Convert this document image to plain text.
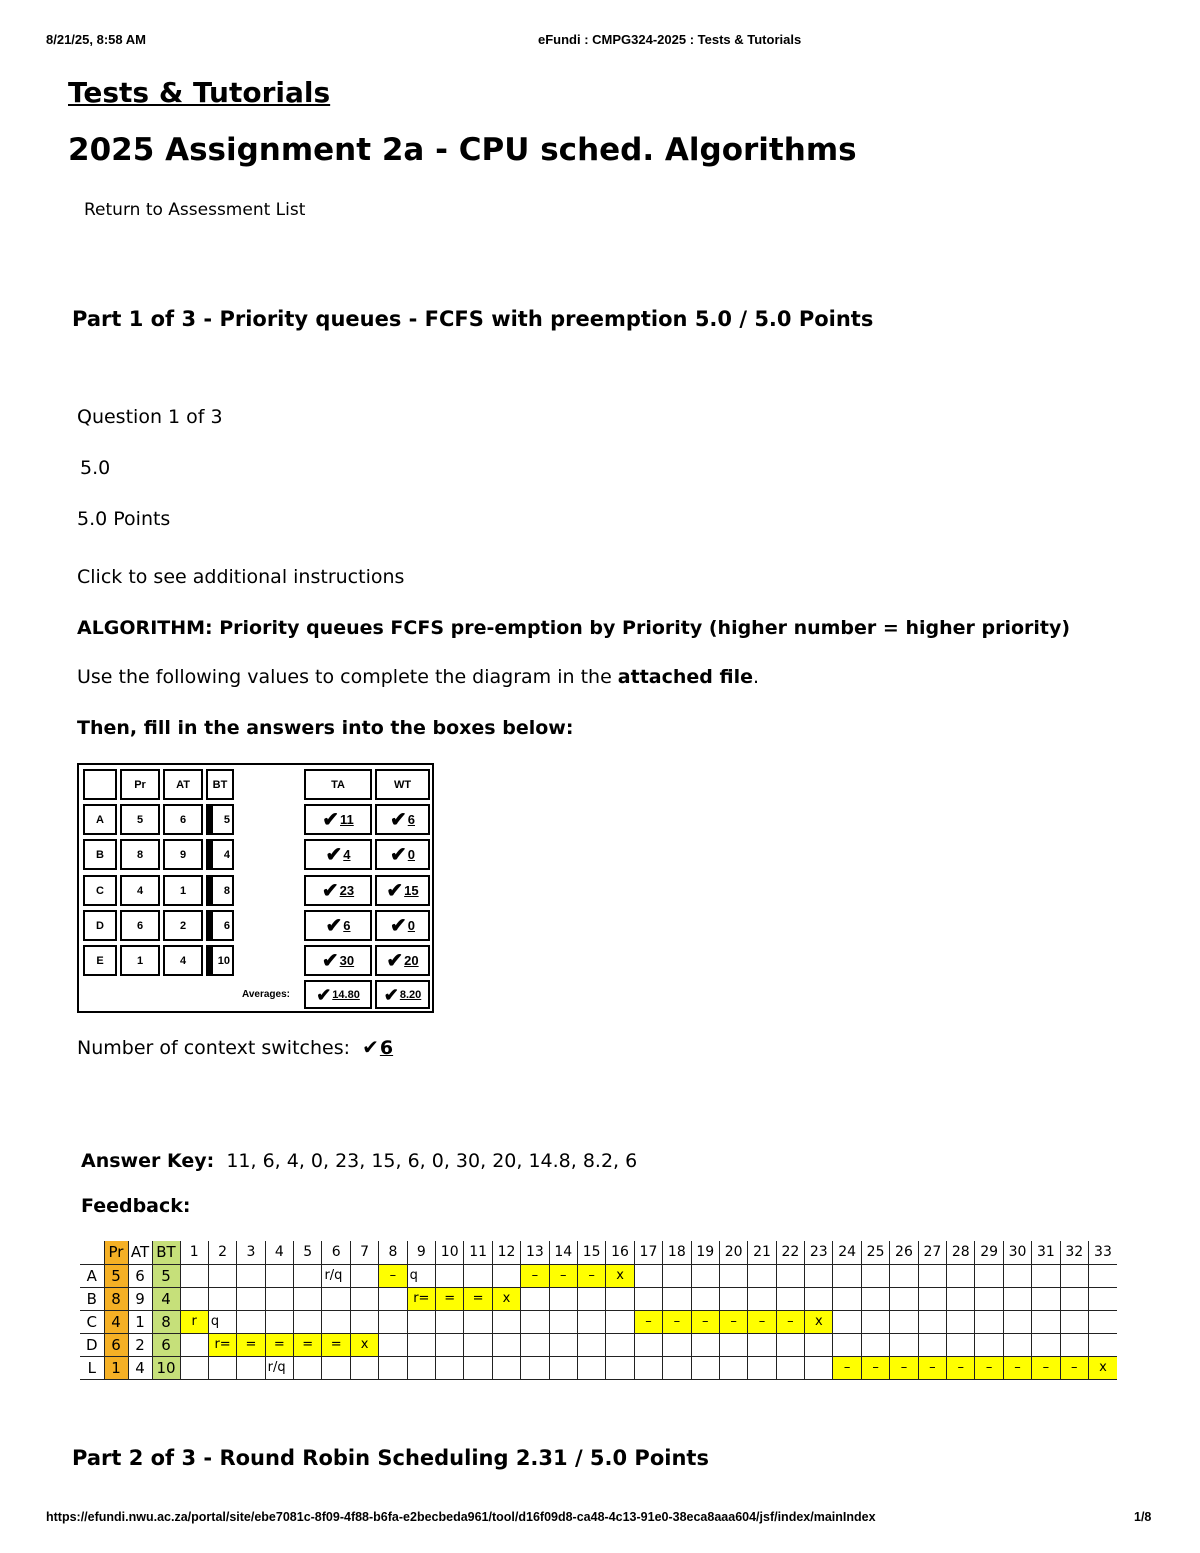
8/21/25, 8:58 AM	eFundi : CMPG324-2025 : Tests & Tutorials
Tests & Tutorials
2025 Assignment 2a - CPU sched. Algorithms
Return to Assessment List
Part 1 of 3 - Priority queues - FCFS with preemption 5.0 / 5.0 Points
Question 1 of 3
5.0
5.0 Points
Click to see additional instructions
ALGORITHM: Priority queues FCFS pre-emption by Priority (higher number = higher priority)
Use the following values to complete the diagram in the attached file.
Then, fill in the answers into the boxes below:
Pr	AT	BT	TA	WT
A	5	6	5	✔ 11 ✔ 6
B	8	9	4	✔ 4 ✔ 0
C	4	1	8	✔ 23 ✔ 15
D	6	2	6	✔ 6 ✔ 0
E	1	4	10	✔ 30 ✔ 20
Averages: ✔ 14.80 ✔ 8.20
Number of context switches: ✔6
Answer Key: 11, 6, 4, 0, 23, 15, 6, 0, 30, 20, 14.8, 8.2, 6
Feedback:
	Pr	AT	BT	1	2	3	4	5	6	7	8	9	10	11	12	13	14	15	16	17	18	19	20	21	22	23	24	25	26	27	28	29	30	31	32	33
A	5	6	5						r/q		–	q				–	–	–	x																	
B	8	9	4									r=	=	=	x																					
C	4	1	8	r	q															–	–	–	–	–	–	x										
D	6	2	6		r=	=	=	=	=	x																										
L	1	4	10				r/q																				–	–	–	–	–	–	–	–	–	x
Part 2 of 3 - Round Robin Scheduling 2.31 / 5.0 Points
https://efundi.nwu.ac.za/portal/site/ebe7081c-8f09-4f88-b6fa-e2becbeda961/tool/d16f09d8-ca48-4c13-91e0-38eca8aaa604/jsf/index/mainIndex	1/8
